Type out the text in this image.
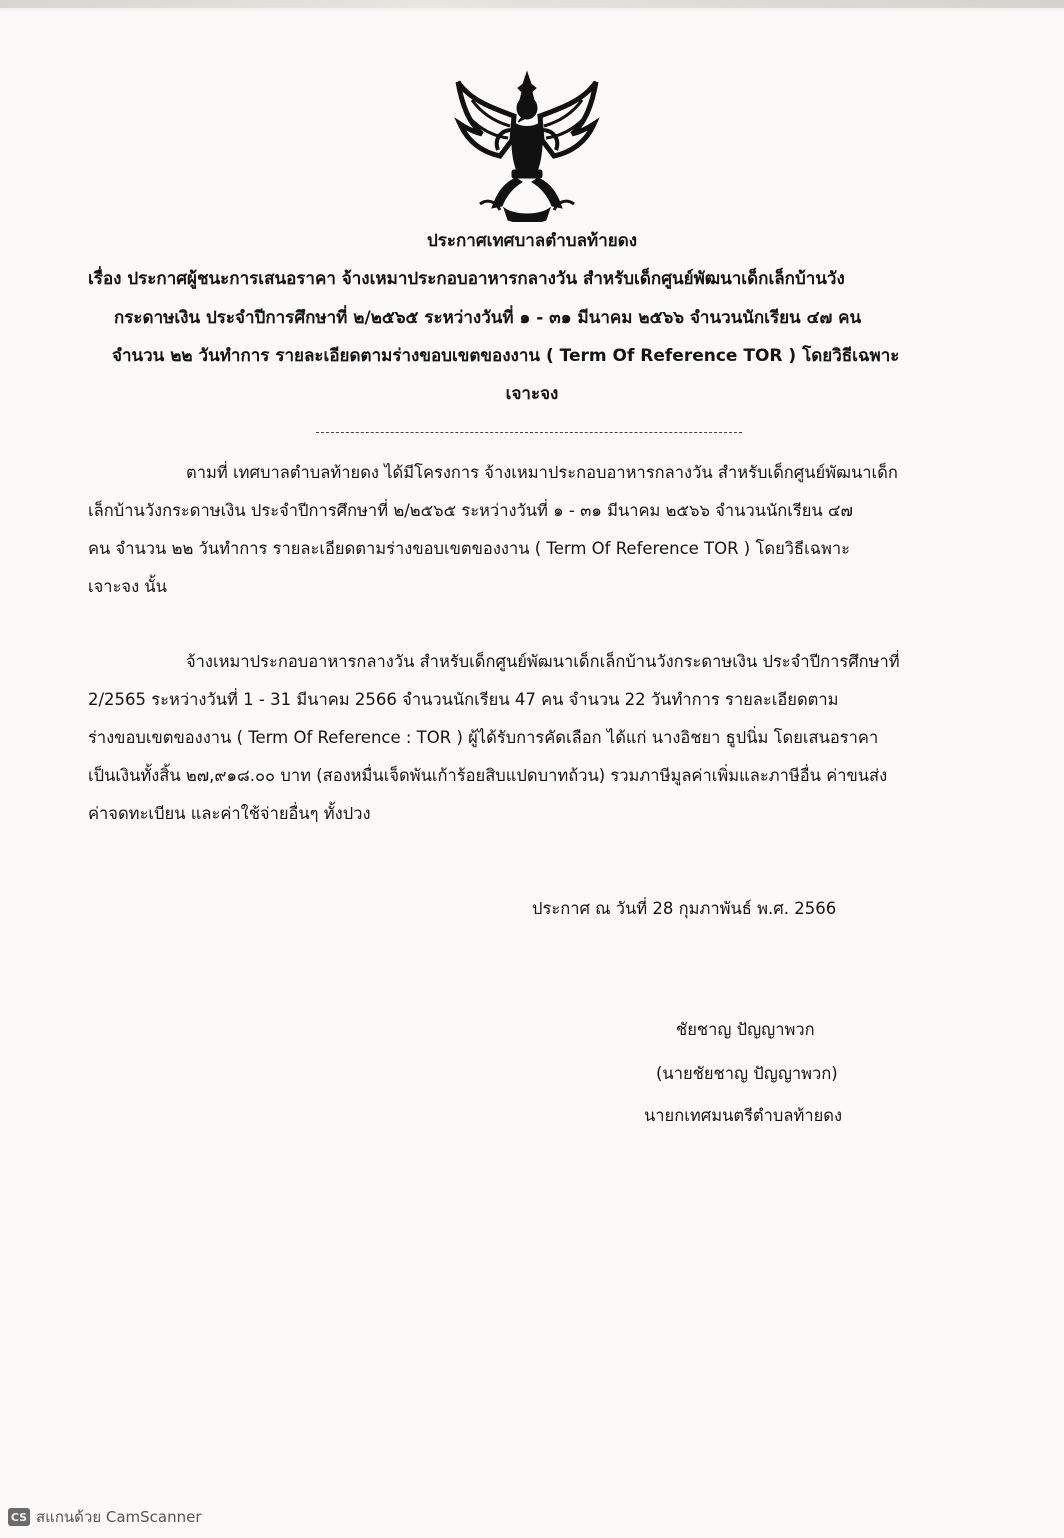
ประกาศเทศบาลตำบลท้ายดง
เรื่อง ประกาศผู้ชนะการเสนอราคา จ้างเหมาประกอบอาหารกลางวัน สำหรับเด็กศูนย์พัฒนาเด็กเล็กบ้านวัง
กระดาษเงิน ประจำปีการศึกษาที่ ๒/๒๕๖๕ ระหว่างวันที่ ๑ - ๓๑ มีนาคม ๒๕๖๖ จำนวนนักเรียน ๔๗ คน
จำนวน ๒๒ วันทำการ รายละเอียดตามร่างขอบเขตของงาน ( Term Of Reference TOR ) โดยวิธีเฉพาะ
เจาะจง
ตามที่ เทศบาลตำบลท้ายดง ได้มีโครงการ จ้างเหมาประกอบอาหารกลางวัน สำหรับเด็กศูนย์พัฒนาเด็ก
เล็กบ้านวังกระดาษเงิน ประจำปีการศึกษาที่ ๒/๒๕๖๕ ระหว่างวันที่ ๑ - ๓๑ มีนาคม ๒๕๖๖ จำนวนนักเรียน ๔๗
คน จำนวน ๒๒ วันทำการ รายละเอียดตามร่างขอบเขตของงาน ( Term Of Reference TOR ) โดยวิธีเฉพาะ
เจาะจง นั้น
จ้างเหมาประกอบอาหารกลางวัน สำหรับเด็กศูนย์พัฒนาเด็กเล็กบ้านวังกระดาษเงิน ประจำปีการศึกษาที่
2/2565 ระหว่างวันที่ 1 - 31 มีนาคม 2566 จำนวนนักเรียน 47 คน จำนวน 22 วันทำการ รายละเอียดตาม
ร่างขอบเขตของงาน ( Term Of Reference : TOR ) ผู้ได้รับการคัดเลือก ได้แก่ นางอิชยา ธูปนิ่ม โดยเสนอราคา
เป็นเงินทั้งสิ้น ๒๗,๙๑๘.๐๐ บาท (สองหมื่นเจ็ดพันเก้าร้อยสิบแปดบาทถ้วน) รวมภาษีมูลค่าเพิ่มและภาษีอื่น ค่าขนส่ง
ค่าจดทะเบียน และค่าใช้จ่ายอื่นๆ ทั้งปวง
ประกาศ ณ วันที่ 28 กุมภาพันธ์ พ.ศ. 2566
ชัยชาญ ปัญญาพวก
(นายชัยชาญ ปัญญาพวก)
นายกเทศมนตรีตำบลท้ายดง
CS สแกนด้วย CamScanner
